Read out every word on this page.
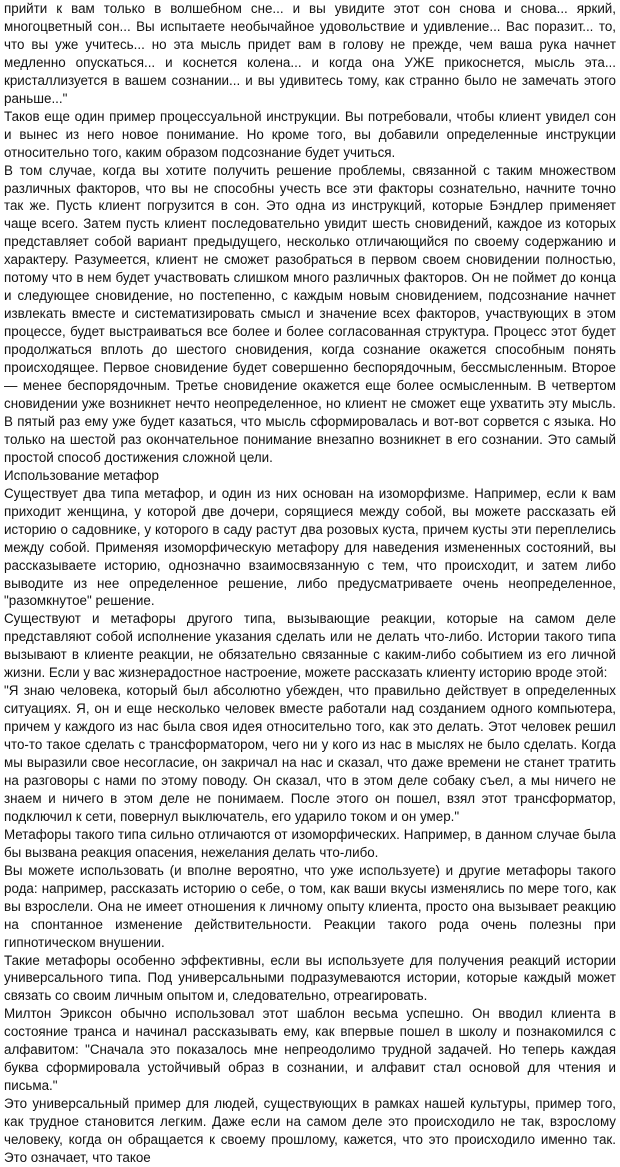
прийти к вам только в волшебном сне... и вы увидите этот сон снова и снова... яркий, многоцветный сон... Вы испытаете необычайное удовольствие и удивление... Вас поразит... то, что вы уже учитесь... но эта мысль придет вам в голову не прежде, чем ваша рука начнет медленно опускаться... и коснется колена... и когда она УЖЕ прикоснется, мысль эта... кристаллизуется в вашем сознании... и вы удивитесь тому, как странно было не замечать этого раньше..."

Таков еще один пример процессуальной инструкции. Вы потребовали, чтобы клиент увидел сон и вынес из него новое понимание. Но кроме того, вы добавили определенные инструкции относительно того, каким образом подсознание будет учиться.

В том случае, когда вы хотите получить решение проблемы, связанной с таким множеством различных факторов, что вы не способны учесть все эти факторы сознательно, начните точно так же. Пусть клиент погрузится в сон. Это одна из инструкций, которые Бэндлер применяет чаще всего. Затем пусть клиент последовательно увидит шесть сновидений, каждое из которых представляет собой вариант предыдущего, несколько отличающийся по своему содержанию и характеру. Разумеется, клиент не сможет разобраться в первом своем сновидении полностью, потому что в нем будет участвовать слишком много различных факторов. Он не поймет до конца и следующее сновидение, но постепенно, с каждым новым сновидением, подсознание начнет извлекать вместе и систематизировать смысл и значение всех факторов, участвующих в этом процессе, будет выстраиваться все более и более согласованная структура. Процесс этот будет продолжаться вплоть до шестого сновидения, когда сознание окажется способным понять происходящее. Первое сновидение будет совершенно беспорядочным, бессмысленным. Второе — менее беспорядочным. Третье сновидение окажется еще более осмысленным. В четвертом сновидении уже возникнет нечто неопределенное, но клиент не сможет еще ухватить эту мысль. В пятый раз ему уже будет казаться, что мысль сформировалась и вот-вот сорвется с языка. Но только на шестой раз окончательное понимание внезапно возникнет в его сознании. Это самый простой способ достижения сложной цели.

Использование метафор

Существует два типа метафор, и один из них основан на изоморфизме. Например, если к вам приходит женщина, у которой две дочери, сорящиеся между собой, вы можете рассказать ей историю о садовнике, у которого в саду растут два розовых куста, причем кусты эти переплелись между собой. Применяя изоморфическую метафору для наведения измененных состояний, вы рассказываете историю, однозначно взаимосвязанную с тем, что происходит, и затем либо выводите из нее определенное решение, либо предусматриваете очень неопределенное, "разомкнутое" решение.

Существуют и метафоры другого типа, вызывающие реакции, которые на самом деле представляют собой исполнение указания сделать или не делать что-либо. Истории такого типа вызывают в клиенте реакции, не обязательно связанные с каким-либо событием из его личной жизни. Если у вас жизнерадостное настроение, можете рассказать клиенту историю вроде этой:

"Я знаю человека, который был абсолютно убежден, что правильно действует в определенных ситуациях. Я, он и еще несколько человек вместе работали над созданием одного компьютера, причем у каждого из нас была своя идея относительно того, как это делать. Этот человек решил что-то такое сделать с трансформатором, чего ни у кого из нас в мыслях не было сделать. Когда мы выразили свое несогласие, он закричал на нас и сказал, что даже времени не станет тратить на разговоры с нами по этому поводу. Он сказал, что в этом деле собаку съел, а мы ничего не знаем и ничего в этом деле не понимаем. После этого он пошел, взял этот трансформатор, подключил к сети, повернул выключатель, его ударило током и он умер."

Метафоры такого типа сильно отличаются от изоморфических. Например, в данном случае была бы вызвана реакция опасения, нежелания делать что-либо.

Вы можете использовать (и вполне вероятно, что уже используете) и другие метафоры такого рода: например, рассказать историю о себе, о том, как ваши вкусы изменялись по мере того, как вы взрослели. Она не имеет отношения к личному опыту клиента, просто она вызывает реакцию на спонтанное изменение действительности. Реакции такого рода очень полезны при гипнотическом внушении.

Такие метафоры особенно эффективны, если вы используете для получения реакций истории универсального типа. Под универсальными подразумеваются истории, которые каждый может связать со своим личным опытом и, следовательно, отреагировать.

Милтон Эриксон обычно использовал этот шаблон весьма успешно. Он вводил клиента в состояние транса и начинал рассказывать ему, как впервые пошел в школу и познакомился с алфавитом: "Сначала это показалось мне непреодолимо трудной задачей. Но теперь каждая буква сформировала устойчивый образ в сознании, и алфавит стал основой для чтения и письма."

Это универсальный пример для людей, существующих в рамках нашей культуры, пример того, как трудное становится легким. Даже если на самом деле это происходило не так, взрослому человеку, когда он обращается к своему прошлому, кажется, что это происходило именно так. Это означает, что такое
